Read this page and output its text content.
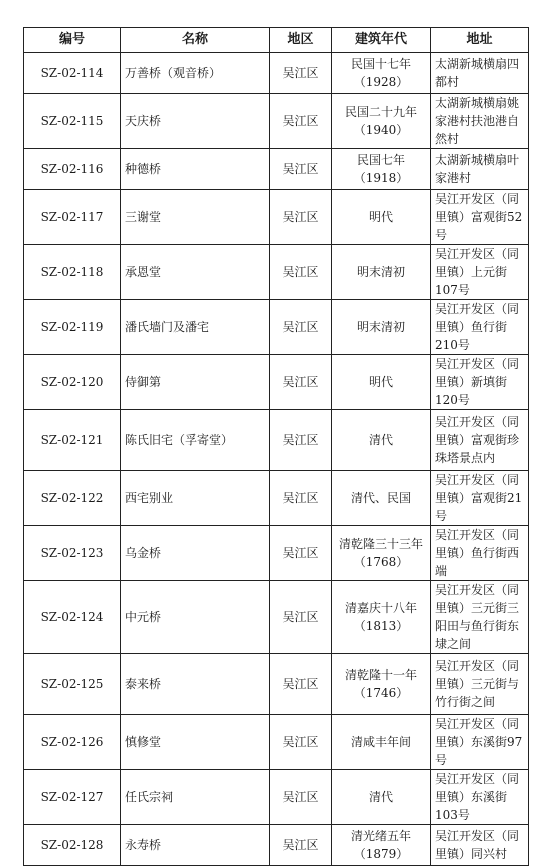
编号	名称	地区	建筑年代	地址
SZ-02-114	万善桥（观音桥）	吴江区	民国十七年（1928）	太湖新城横扇四都村
SZ-02-115	天庆桥	吴江区	民国二十九年（1940）	太湖新城横扇姚家港村扶池港自然村
SZ-02-116	种德桥	吴江区	民国七年（1918）	太湖新城横扇叶家港村
SZ-02-117	三谢堂	吴江区	明代	吴江开发区（同里镇）富观街52号
SZ-02-118	承恩堂	吴江区	明末清初	吴江开发区（同里镇）上元街107号
SZ-02-119	潘氏墙门及潘宅	吴江区	明末清初	吴江开发区（同里镇）鱼行街210号
SZ-02-120	侍御第	吴江区	明代	吴江开发区（同里镇）新填街120号
SZ-02-121	陈氏旧宅（孚寄堂）	吴江区	清代	吴江开发区（同里镇）富观街珍珠塔景点内
SZ-02-122	西宅别业	吴江区	清代、民国	吴江开发区（同里镇）富观街21号
SZ-02-123	乌金桥	吴江区	清乾隆三十三年（1768）	吴江开发区（同里镇）鱼行街西端
SZ-02-124	中元桥	吴江区	清嘉庆十八年（1813）	吴江开发区（同里镇）三元街三阳田与鱼行街东埭之间
SZ-02-125	泰来桥	吴江区	清乾隆十一年（1746）	吴江开发区（同里镇）三元街与竹行街之间
SZ-02-126	慎修堂	吴江区	清咸丰年间	吴江开发区（同里镇）东溪街97号
SZ-02-127	任氏宗祠	吴江区	清代	吴江开发区（同里镇）东溪街103号
SZ-02-128	永寿桥	吴江区	清光绪五年（1879）	吴江开发区（同里镇）同兴村
